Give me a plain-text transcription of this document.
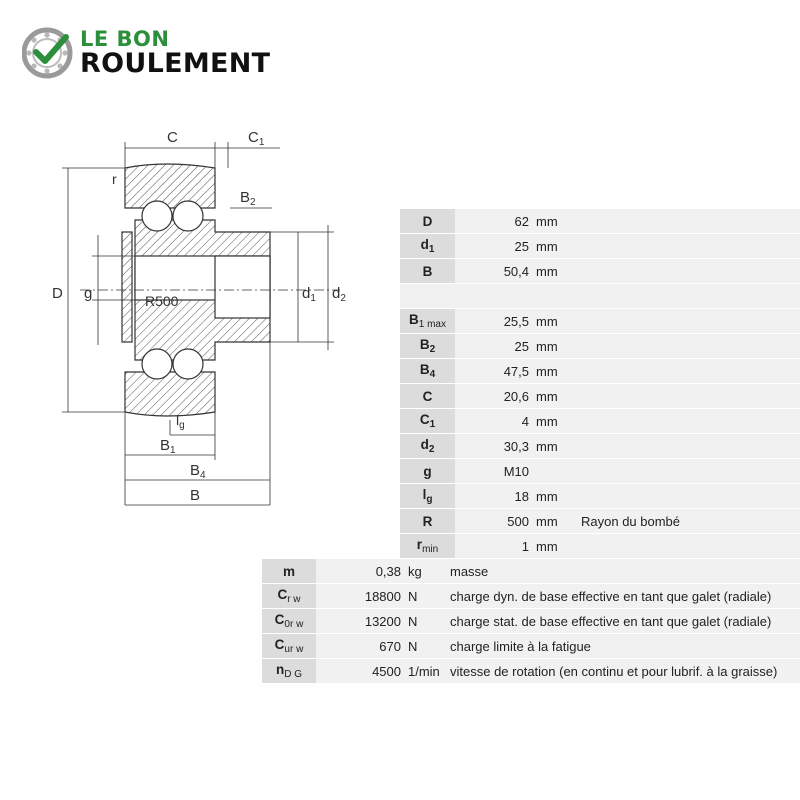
LE BON
ROULEMENT
C	$C_1$
$B_2$
r
D g	R500	$d_1$ $d_2$
$l_g$
$B_1$
$B_4$
B
D	62	mm	
$d_1$	25	mm	
B	50,4	mm	

$B_{1 max}$	25,5	mm	
$B_2$	25	mm	
$B_4$	47,5	mm	
C	20,6	mm	
$C_1$	4	mm	
$d_2$	30,3	mm	
g	M10		
$l_g$	18	mm	
R	500	mm	Rayon du bombé
$r_{min}$	1	mm	
m	0,38	kg	masse
$C_{r w}$	18800	N	charge dyn. de base effective en tant que galet (radiale)
$C_{0r w}$	13200	N	charge stat. de base effective en tant que galet (radiale)
$C_{ur w}$	670	N	charge limite à la fatigue
$n_{D G}$	4500	1/min	vitesse de rotation (en continu et pour lubrif. à la graisse)
